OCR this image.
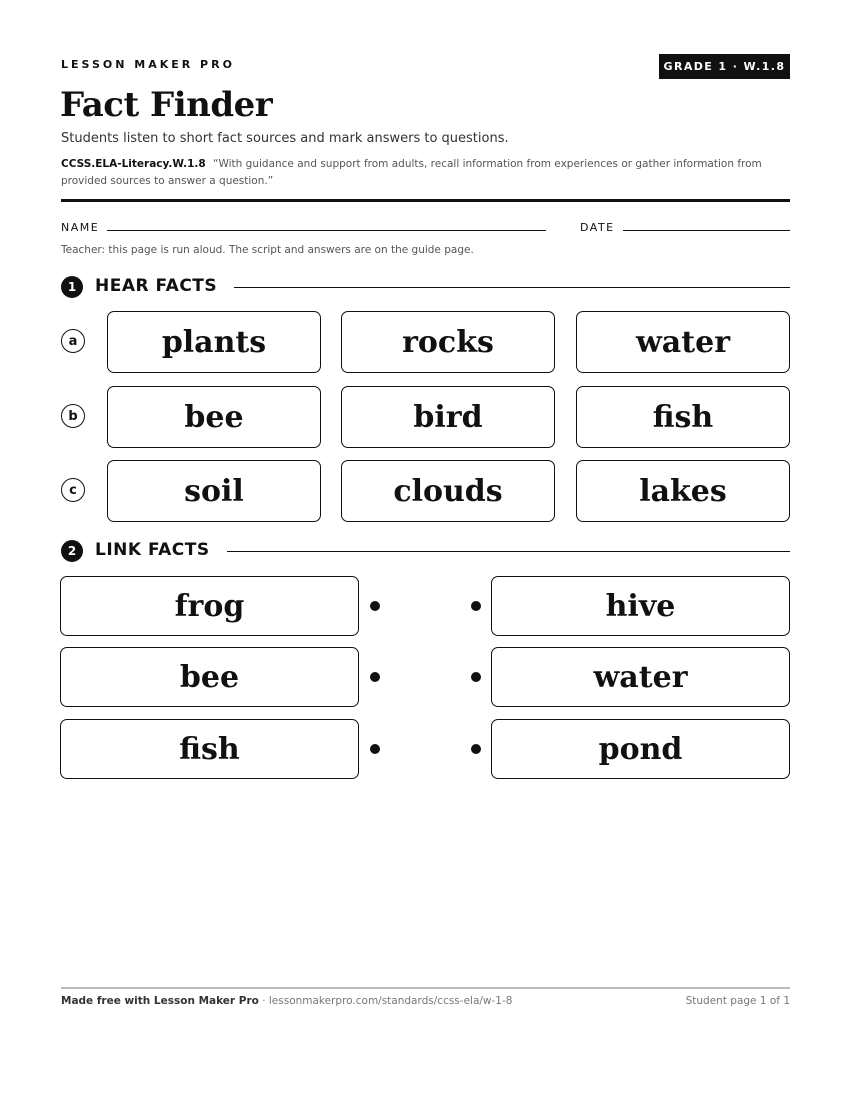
LESSON MAKER PRO	GRADE 1 · W.1.8
Fact Finder
Students listen to short fact sources and mark answers to questions.
CCSS.ELA-Literacy.W.1.8 “With guidance and support from adults, recall information from experiences or gather information from provided sources to answer a question.”
NAME	DATE
Teacher: this page is run aloud. The script and answers are on the guide page.
1	HEAR FACTS
a	plants	rocks	water
b	bee	bird	fish
c	soil	clouds	lakes
2	LINK FACTS
frog	hive
bee	water
fish	pond
Made free with Lesson Maker Pro · lessonmakerpro.com/standards/ccss-ela/w-1-8	Student page 1 of 1
